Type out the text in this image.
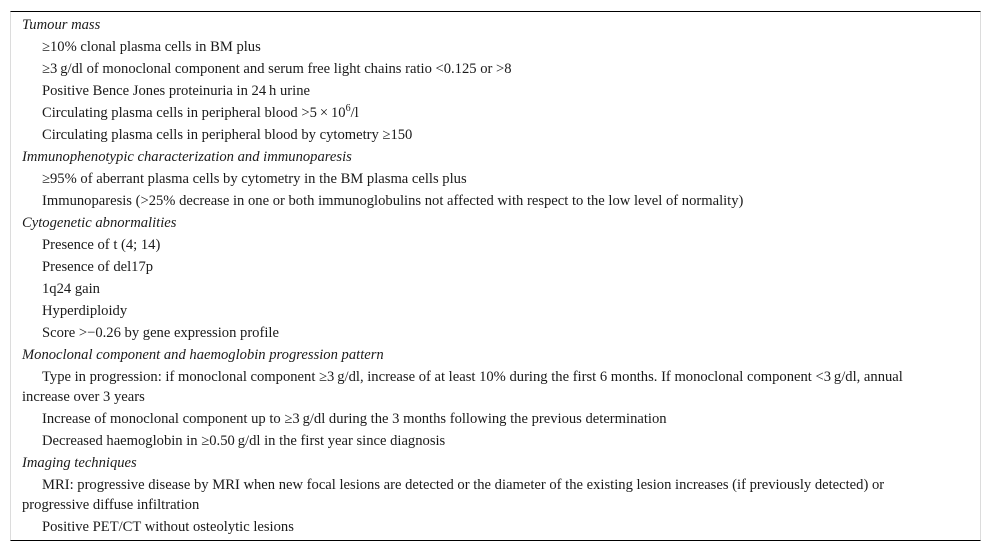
Tumour mass
≥10% clonal plasma cells in BM plus
≥3 g/dl of monoclonal component and serum free light chains ratio <0.125 or >8
Positive Bence Jones proteinuria in 24 h urine
Circulating plasma cells in peripheral blood $>5 \times 10^6/l$
Circulating plasma cells in peripheral blood by cytometry ≥150
Immunophenotypic characterization and immunoparesis
≥95% of aberrant plasma cells by cytometry in the BM plasma cells plus
Immunoparesis (>25% decrease in one or both immunoglobulins not affected with respect to the low level of normality)
Cytogenetic abnormalities
Presence of t (4; 14)
Presence of del17p
1q24 gain
Hyperdiploidy
Score >−0.26 by gene expression profile
Monoclonal component and haemoglobin progression pattern
Type in progression: if monoclonal component ≥3 g/dl, increase of at least 10% during the first 6 months. If monoclonal component <3 g/dl, annual increase over 3 years
Increase of monoclonal component up to ≥3 g/dl during the 3 months following the previous determination
Decreased haemoglobin in ≥0.50 g/dl in the first year since diagnosis
Imaging techniques
MRI: progressive disease by MRI when new focal lesions are detected or the diameter of the existing lesion increases (if previously detected) or progressive diffuse infiltration
Positive PET/CT without osteolytic lesions
